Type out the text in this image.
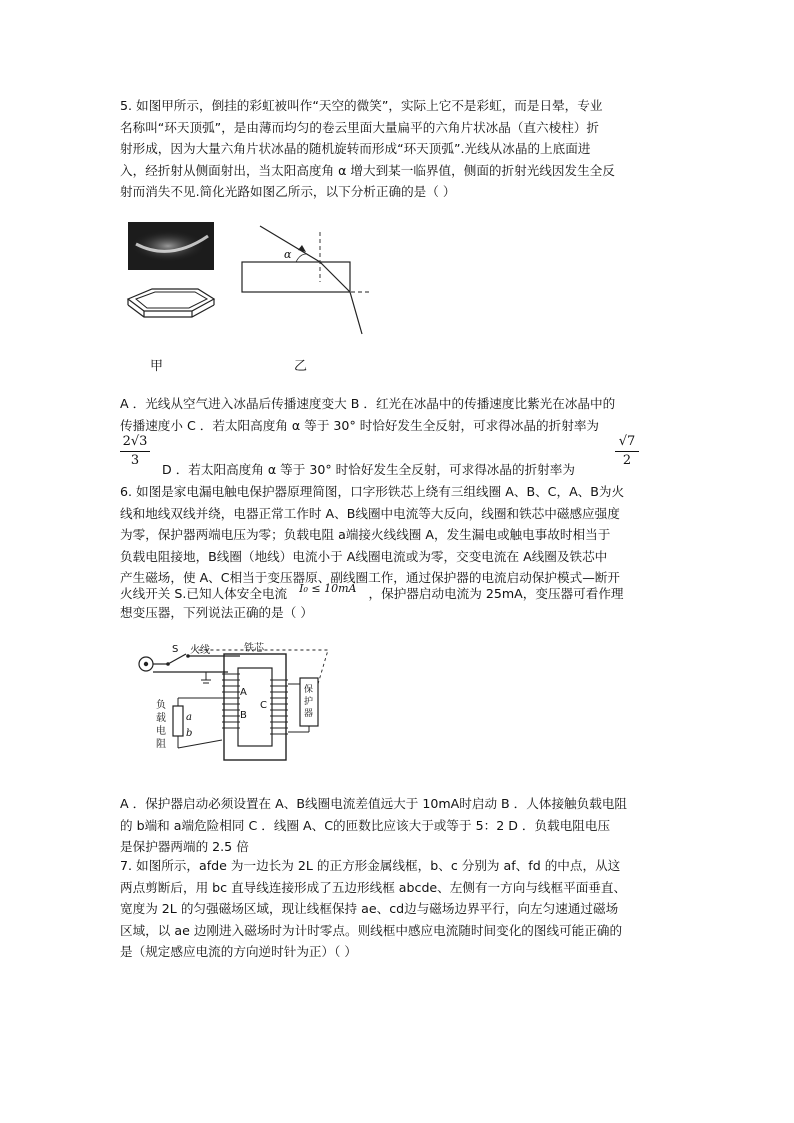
5. 如图甲所示，倒挂的彩虹被叫作“天空的微笑”，实际上它不是彩虹，而是日晕，专业
名称叫“环天顶弧”，是由薄而均匀的卷云里面大量扁平的六角片状冰晶（直六棱柱）折
射形成，因为大量六角片状冰晶的随机旋转而形成“环天顶弧”.光线从冰晶的上底面进
入，经折射从侧面射出，当太阳高度角 α 增大到某一临界值，侧面的折射光线因发生全反
射而消失不见.简化光路如图乙所示，以下分析正确的是（ ）
α
甲	乙
A ．光线从空气进入冰晶后传播速度变大 B ．红光在冰晶中的传播速度比紫光在冰晶中的
传播速度小 C ．若太阳高度角 α 等于 30° 时恰好发生全反射，可求得冰晶的折射率为
2√3
3
D ．若太阳高度角 α 等于 30° 时恰好发生全反射，可求得冰晶的折射率为
√7
2
6. 如图是家电漏电触电保护器原理简图，口字形铁芯上绕有三组线圈 A、B、C，A、B为火
线和地线双线并绕，电器正常工作时 A、B线圈中电流等大反向，线圈和铁芯中磁感应强度
为零，保护器两端电压为零；负载电阻 a端接火线线圈 A，发生漏电或触电事故时相当于
负载电阻接地，B线圈（地线）电流小于 A线圈电流或为零，交变电流在 A线圈及铁芯中
产生磁场，使 A、C相当于变压器原、副线圈工作，通过保护器的电流启动保护模式—断开
火线开关 S.已知人体安全电流 I₀ ≤ 10mA ，保护器启动电流为 25mA，变压器可看作理
想变压器，下列说法正确的是（ ）
S 火线	铁芯
A
B
C
保
护
器
a
b
负
载
电
阻
A ．保护器启动必须设置在 A、B线圈电流差值远大于 10mA时启动 B ．人体接触负载电阻
的 b端和 a端危险相同 C ．线圈 A、C的匝数比应该大于或等于 5：2 D ．负载电阻电压
是保护器两端的 2.5 倍
7. 如图所示，afde 为一边长为 2L 的正方形金属线框，b、c 分别为 af、fd 的中点，从这
两点剪断后，用 bc 直导线连接形成了五边形线框 abcde、左侧有一方向与线框平面垂直、
宽度为 2L 的匀强磁场区域，现让线框保持 ae、cd边与磁场边界平行，向左匀速通过磁场
区域，以 ae 边刚进入磁场时为计时零点。则线框中感应电流随时间变化的图线可能正确的
是（规定感应电流的方向逆时针为正）（ ）
